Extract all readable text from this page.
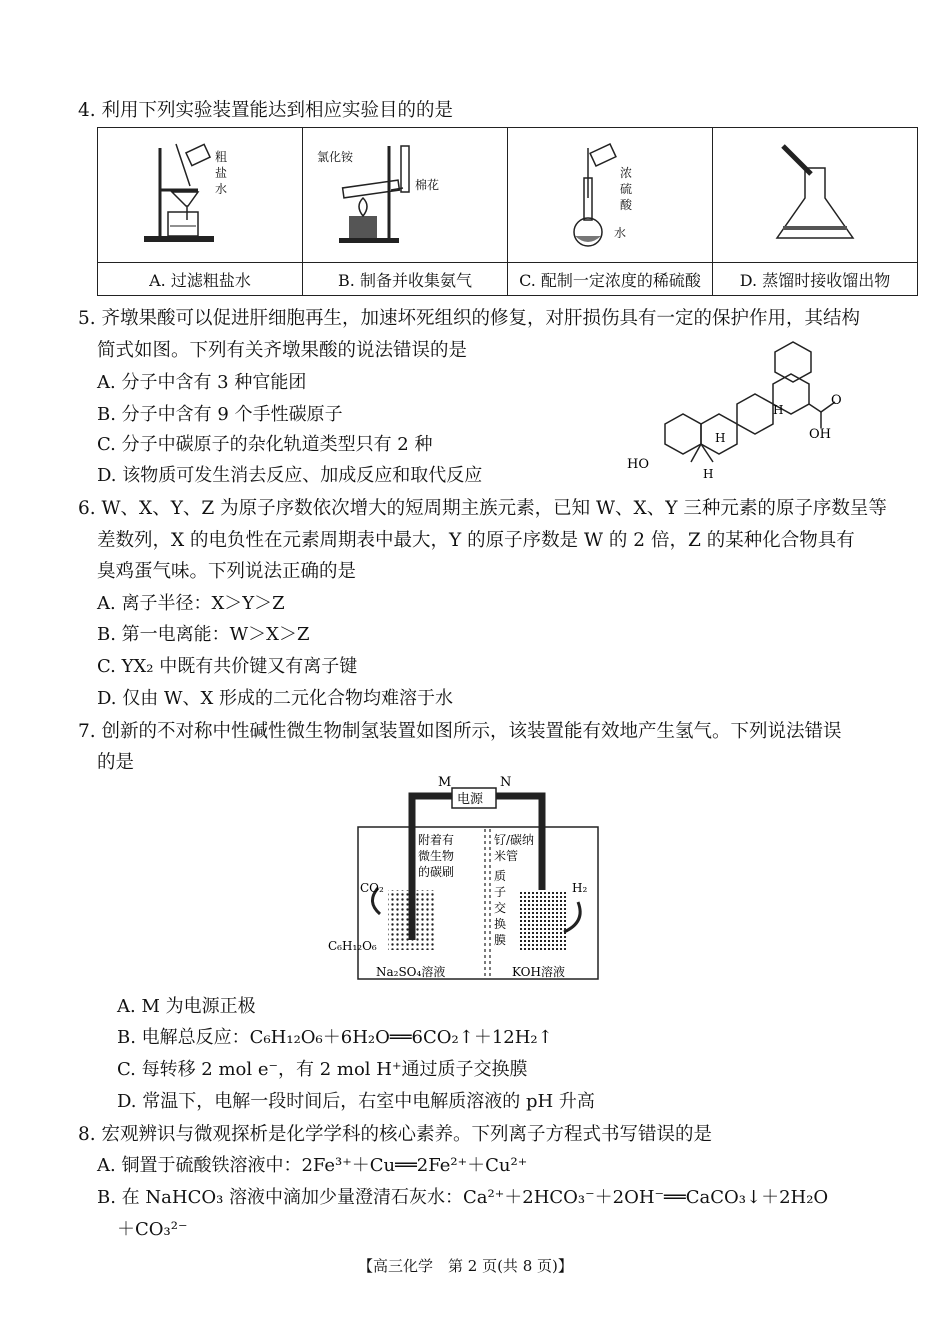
4. 利用下列实验装置能达到相应实验目的的是
粗
盐
水	氯化铵
棉花	浓
硫
酸
水

A. 过滤粗盐水	B. 制备并收集氨气	C. 配制一定浓度的稀硫酸	D. 蒸馏时接收馏出物
5. 齐墩果酸可以促进肝细胞再生，加速坏死组织的修复，对肝损伤具有一定的保护作用，其结构
简式如图。下列有关齐墩果酸的说法错误的是
A. 分子中含有 3 种官能团
B. 分子中含有 9 个手性碳原子
C. 分子中碳原子的杂化轨道类型只有 2 种
D. 该物质可发生消去反应、加成反应和取代反应
HO
OH
O
H
H
H
6. W、X、Y、Z 为原子序数依次增大的短周期主族元素，已知 W、X、Y 三种元素的原子序数呈等
差数列，X 的电负性在元素周期表中最大，Y 的原子序数是 W 的 2 倍，Z 的某种化合物具有
臭鸡蛋气味。下列说法正确的是
A. 离子半径：X＞Y＞Z
B. 第一电离能：W＞X＞Z
C. YX₂ 中既有共价键又有离子键
D. 仅由 W、X 形成的二元化合物均难溶于水
7. 创新的不对称中性碱性微生物制氢装置如图所示，该装置能有效地产生氢气。下列说法错误
的是
M	N
电源
附着有
微生物
的碳刷
钌/碳纳
米管
质
子
交
换
膜
CO₂	H₂
C₆H₁₂O₆
Na₂SO₄溶液	KOH溶液
A. M 为电源正极
B. 电解总反应：C₆H₁₂O₆＋6H₂O══6CO₂↑＋12H₂↑
C. 每转移 2 mol e⁻，有 2 mol H⁺通过质子交换膜
D. 常温下，电解一段时间后，右室中电解质溶液的 pH 升高
8. 宏观辨识与微观探析是化学学科的核心素养。下列离子方程式书写错误的是
A. 铜置于硫酸铁溶液中：2Fe³⁺＋Cu══2Fe²⁺＋Cu²⁺
B. 在 NaHCO₃ 溶液中滴加少量澄清石灰水：Ca²⁺＋2HCO₃⁻＋2OH⁻══CaCO₃↓＋2H₂O
＋CO₃²⁻
【高三化学　第 2 页(共 8 页)】
